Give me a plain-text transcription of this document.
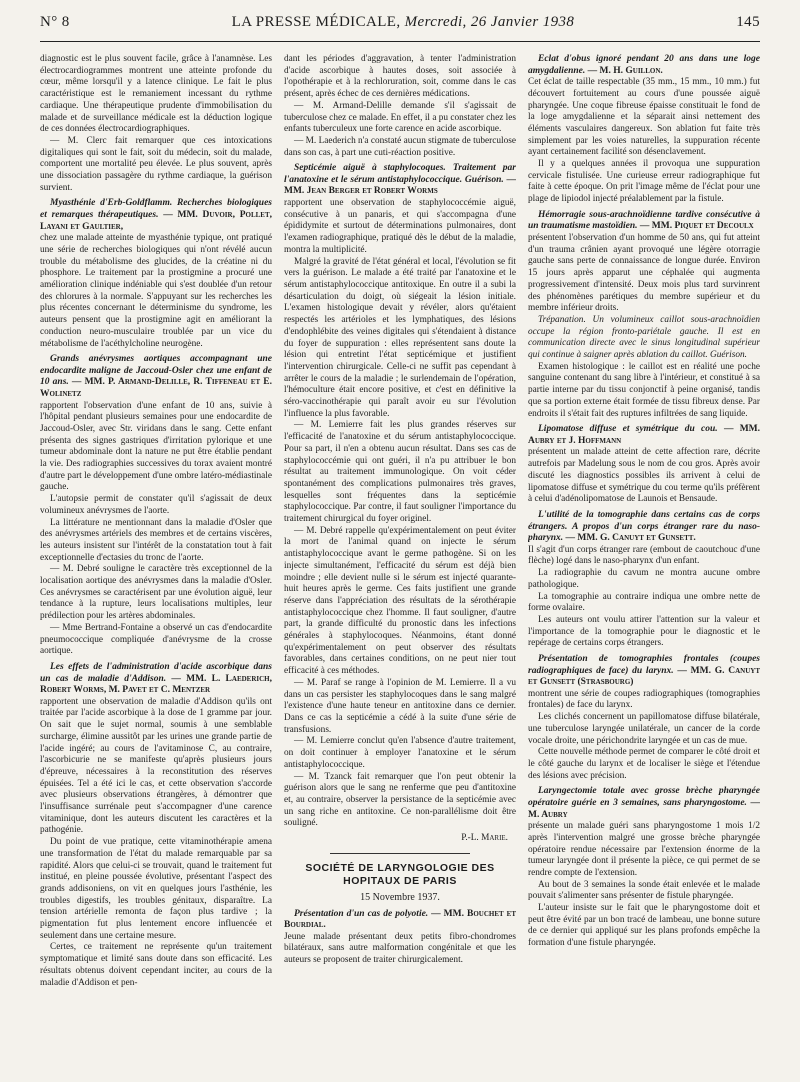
N° 8	LA PRESSE MÉDICALE, Mercredi, 26 Janvier 1938	145

diagnostic est le plus souvent facile, grâce à l'anamnèse. Les électrocardiogrammes montrent une atteinte profonde du cœur, même lorsqu'il y a latence clinique. Le fait le plus caractéristique est le remaniement incessant du rythme cardiaque. Une thérapeutique prudente d'immobilisation du malade et de surveillance médicale est la déduction logique de ces données électrocardiographiques.

— M. Clerc fait remarquer que ces intoxications digitaliques qui sont le fait, soit du médecin, soit du malade, comportent une mortalité peu élevée. Le plus souvent, après une dissociation passagère du rythme cardiaque, la guérison survient.

Myasthénie d'Erb-Goldflamm. Recherches biologiques et remarques thérapeutiques. — MM. Duvoir, Pollet, Layani et Gaultier,

chez une malade atteinte de myasthénie typique, ont pratiqué une série de recherches biologiques qui n'ont révélé aucun trouble du métabolisme des glucides, de la créatine ni du phosphore. Le traitement par la prostigmine a procuré une amélioration clinique indéniable qui s'est doublée d'un retour des chlorures à la normale. S'appuyant sur les recherches les plus récentes concernant le déterminisme du syndrome, les auteurs pensent que la prostigmine agit en améliorant la conduction neuro-musculaire troublée par un vice du métabolisme de l'acéthylcholine neurogène.

Grands anévrysmes aortiques accompagnant une endocardite maligne de Jaccoud-Osler chez une enfant de 10 ans. — MM. P. Armand-Delille, R. Tiffeneau et E. Wolinetz

rapportent l'observation d'une enfant de 10 ans, suivie à l'hôpital pendant plusieurs semaines pour une endocardite de Jaccoud-Osler, avec Str. viridans dans le sang. Cette enfant présenta des signes gastriques d'irritation pylorique et une tumeur abdominale dont la nature ne put être établie pendant la vie. Des radiographies successives du torax avaient montré d'autre part le développement d'une ombre latéro-médiastinale gauche.

L'autopsie permit de constater qu'il s'agissait de deux volumineux anévrysmes de l'aorte.

La littérature ne mentionnant dans la maladie d'Osler que des anévrysmes artériels des membres et de certains viscères, les auteurs insistent sur l'intérêt de la constatation tout à fait exceptionnelle d'ectasies du tronc de l'aorte.

— M. Debré souligne le caractère très exceptionnel de la localisation aortique des anévrysmes dans la maladie d'Osler. Ces anévrysmes se caractérisent par une évolution aiguë, leur tendance à la rupture, leurs localisations multiples, leur prédilection pour les artères abdominales.

— Mme Bertrand-Fontaine a observé un cas d'endocardite pneumococcique compliquée d'anévrysme de la crosse aortique.

Les effets de l'administration d'acide ascorbique dans un cas de maladie d'Addison. — MM. L. Laederich, Robert Worms, M. Pavet et C. Mentzer

rapportent une observation de maladie d'Addison qu'ils ont traitée par l'acide ascorbique à la dose de 1 gramme par jour. On sait que le sujet normal, soumis à une semblable surcharge, élimine aussitôt par les urines une grande partie de l'acide ingéré; au cours de l'avitaminose C, au contraire, l'ascorbicurie ne se manifeste qu'après plusieurs jours d'épreuve, nécessaires à la reconstitution des réserves épuisées. Tel a été ici le cas, et cette observation s'accorde avec plusieurs observations étrangères, à démontrer que l'insuffisance surrénale peut s'accompagner d'une carence vitaminique, dont les auteurs discutent les caractères et la pathogénie.

Du point de vue pratique, cette vitaminothérapie amena une transformation de l'état du malade remarquable par sa rapidité. Alors que celui-ci se trouvait, quand le traitement fut institué, en pleine poussée évolutive, présentant l'aspect des grands addisoniens, on vit en quelques jours l'asthénie, les troubles digestifs, les troubles génitaux, disparaître. La tension artérielle remonta de façon plus tardive ; la pigmentation fut plus lentement encore influencée et seulement dans une certaine mesure.

Certes, ce traitement ne représente qu'un traitement symptomatique et limité sans doute dans son efficacité. Les résultats obtenus doivent cependant inciter, au cours de la maladie d'Addison et pen-

dant les périodes d'aggravation, à tenter l'administration d'acide ascorbique à hautes doses, soit associée à l'opothérapie et à la rechloruration, soit, comme dans le cas présent, après échec de ces dernières médications.

— M. Armand-Delille demande s'il s'agissait de tuberculose chez ce malade. En effet, il a pu constater chez les enfants tuberculeux une forte carence en acide ascorbique.

— M. Laederich n'a constaté aucun stigmate de tuberculose dans son cas, à part une cuti-réaction positive.

Septicémie aiguë à staphylocoques. Traitement par l'anatoxine et le sérum antistaphylococcique. Guérison. — MM. Jean Berger et Robert Worms

rapportent une observation de staphylococcémie aiguë, consécutive à un panaris, et qui s'accompagna d'une épididymite et surtout de déterminations pulmonaires, dont l'examen radiographique, pratiqué dès le début de la maladie, montra la multiplicité.

Malgré la gravité de l'état général et local, l'évolution se fit vers la guérison. Le malade a été traité par l'anatoxine et le sérum antistaphylococcique antitoxique. En outre il a subi la désarticulation du doigt, où siégeait la lésion initiale. L'examen histologique devait y révéler, alors qu'étaient respectés les artérioles et les lymphatiques, des lésions d'endophlébite des veines digitales qui s'étendaient à distance du foyer de suppuration : elles représentent sans doute la lésion qui entretint l'état septicémique et justifient l'intervention chirurgicale. Celle-ci ne suffit pas cependant à arrêter le cours de la maladie ; le surlendemain de l'opération, l'hémoculture était encore positive, et c'est en définitive la séro-vaccinothérapie qui paraît avoir eu sur l'évolution l'influence la plus favorable.

— M. Lemierre fait les plus grandes réserves sur l'efficacité de l'anatoxine et du sérum antistaphylococcique. Pour sa part, il n'en a obtenu aucun résultat. Dans ses cas de staphylococcémie qui ont guéri, il n'a pu attribuer le bon résultat au traitement immunologique. On voit céder spontanément des complications pulmonaires très graves, lesquelles sont fréquentes dans la septicémie staphylococcique. Par contre, il faut souligner l'importance du traitement chirurgical du foyer originel.

— M. Debré rappelle qu'expérimentalement on peut éviter la mort de l'animal quand on injecte le sérum antistaphylococcique avant le germe pathogène. Si on les injecte simultanément, l'efficacité du sérum est déjà bien moindre ; elle devient nulle si le sérum est injecté quarante-huit heures après le germe. Ces faits justifient une grande réserve dans l'appréciation des résultats de la sérothérapie antistaphylococcique chez l'homme. Il faut souligner, d'autre part, la grande difficulté du pronostic dans les infections générales à staphylocoques. Néanmoins, étant donné qu'expérimentalement on peut observer des résultats favorables, dans certaines conditions, on ne peut nier tout efficacité à ces méthodes.

— M. Paraf se range à l'opinion de M. Lemierre. Il a vu dans un cas persister les staphylocoques dans le sang malgré l'existence d'une haute teneur en antitoxine dans ce dernier. Dans ce cas la septicémie a cédé à la suite d'une série de transfusions.

— M. Lemierre conclut qu'en l'absence d'autre traitement, on doit continuer à employer l'anatoxine et le sérum antistaphylococcique.

— M. Tzanck fait remarquer que l'on peut obtenir la guérison alors que le sang ne renferme que peu d'antitoxine et, au contraire, observer la persistance de la septicémie avec un sang riche en antitoxine. Ce non-parallélisme doit être souligné.

P.-L. Marie.
SOCIÉTÉ DE LARYNGOLOGIE DES HOPITAUX DE PARIS
15 Novembre 1937.
Présentation d'un cas de polyotie. — MM. Bouchet et Bourdial.

Jeune malade présentant deux petits fibro-chondromes bilatéraux, sans autre malformation congénitale et que les auteurs se proposent de traiter chirurgicalement.

Eclat d'obus ignoré pendant 20 ans dans une loge amygdalienne. — M. H. Guillon.

Cet éclat de taille respectable (35 mm., 15 mm., 10 mm.) fut découvert fortuitement au cours d'une poussée aiguë pharyngée. Une coque fibreuse épaisse constituait le fond de la loge amygdalienne et la séparait ainsi nettement des éléments vasculaires dangereux. Son ablation fut faite très simplement par les voies naturelles, la suppuration récente ayant certainement facilité son désenclavement.

Il y a quelques années il provoqua une suppuration cervicale fistulisée. Une curieuse erreur radiographique fut faite à cette époque. On prit l'image même de l'éclat pour une plage de lipiodol injecté préalablement par la fistule.

Hémorragie sous-arachnoïdienne tardive consécutive à un traumatisme mastoïdien. — MM. Piquet et Decoulx

présentent l'observation d'un homme de 50 ans, qui fut atteint d'un trauma crânien ayant provoqué une légère otorragie gauche sans perte de connaissance de longue durée. Environ 15 jours après apparut une céphalée qui augmenta progressivement d'intensité. Deux mois plus tard survinrent des phénomènes parétiques du membre supérieur et du membre inférieur droits.

Trépanation. Un volumineux caillot sous-arachnoïdien occupe la région fronto-pariétale gauche. Il est en communication directe avec le sinus longitudinal supérieur qui continue à saigner après ablation du caillot. Guérison.

Examen histologique : le caillot est en réalité une poche sanguine contenant du sang libre à l'intérieur, et constitué à sa partie interne par du tissu conjonctif à peine organisé, tandis que sa portion externe était formée de tissu fibreux dense. Par endroits il s'était fait des ruptures infiltrées de sang liquide.

Lipomatose diffuse et symétrique du cou. — MM. Aubry et J. Hoffmann

présentent un malade atteint de cette affection rare, décrite autrefois par Madelung sous le nom de cou gros. Après avoir discuté les diagnostics possibles ils arrivent à celui de lipomatose diffuse et symétrique du cou terme qu'ils préfèrent à celui d'adénolipomatose de Launois et Bensaude.

L'utilité de la tomographie dans certains cas de corps étrangers. A propos d'un corps étranger rare du naso-pharynx. — MM. G. Canuyt et Gunsett.

Il s'agit d'un corps étranger rare (embout de caoutchouc d'une flèche) logé dans le naso-pharynx d'un enfant.

La radiographie du cavum ne montra aucune ombre pathologique.

La tomographie au contraire indiqua une ombre nette de forme ovalaire.

Les auteurs ont voulu attirer l'attention sur la valeur et l'importance de la tomographie pour le diagnostic et le repérage de certains corps étrangers.

Présentation de tomographies frontales (coupes radiographiques de face) du larynx. — MM. G. Canuyt et Gunsett (Strasbourg)

montrent une série de coupes radiographiques (tomographies frontales) de face du larynx.

Les clichés concernent un papillomatose diffuse bilatérale, une tuberculose laryngée unilatérale, un cancer de la corde vocale droite, une périchondrite laryngée et un cas de mue.

Cette nouvelle méthode permet de comparer le côté droit et le côté gauche du larynx et de localiser le siège et l'étendue des lésions avec précision.

Laryngectomie totale avec grosse brèche pharyngée opératoire guérie en 3 semaines, sans pharyngostome. — M. Aubry

présente un malade guéri sans pharyngostome 1 mois 1/2 après l'intervention malgré une grosse brèche pharyngée opératoire rendue nécessaire par l'extension énorme de la tumeur laryngée dont il présente la pièce, ce qui permet de se rendre compte de l'extension.

Au bout de 3 semaines la sonde était enlevée et le malade pouvait s'alimenter sans présenter de fistule pharyngée.

L'auteur insiste sur le fait que le pharyngostome doit et peut être évité par un bon tracé de lambeau, une bonne suture de ce dernier qui appliqué sur les plans profonds empêche la formation d'une fistule pharyngée.
